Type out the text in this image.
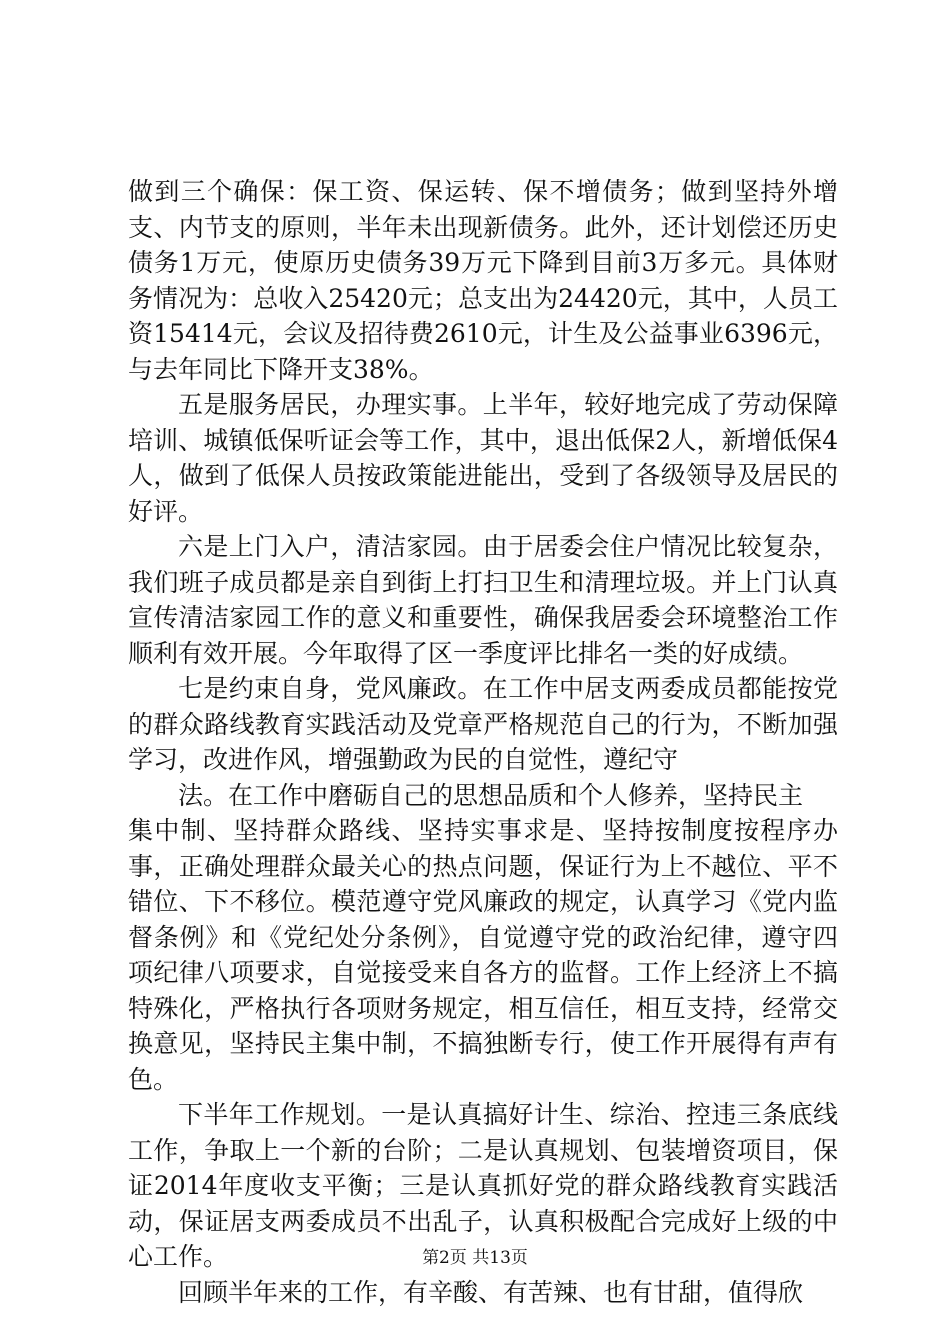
做到三个确保：保工资、保运转、保不增债务；做到坚持外增支、内节支的原则，半年未出现新债务。此外，还计划偿还历史债务1万元，使原历史债务39万元下降到目前3万多元。具体财务情况为：总收入25420元；总支出为24420元，其中，人员工资15414元，会议及招待费2610元，计生及公益事业6396元，与去年同比下降开支38%。

五是服务居民，办理实事。上半年，较好地完成了劳动保障培训、城镇低保听证会等工作，其中，退出低保2人，新增低保4人，做到了低保人员按政策能进能出，受到了各级领导及居民的好评。

六是上门入户，清洁家园。由于居委会住户情况比较复杂，我们班子成员都是亲自到街上打扫卫生和清理垃圾。并上门认真宣传清洁家园工作的意义和重要性，确保我居委会环境整治工作顺利有效开展。今年取得了区一季度评比排名一类的好成绩。

七是约束自身，党风廉政。在工作中居支两委成员都能按党的群众路线教育实践活动及党章严格规范自己的行为，不断加强学习，改进作风，增强勤政为民的自觉性，遵纪守

法。在工作中磨砺自己的思想品质和个人修养，坚持民主

集中制、坚持群众路线、坚持实事求是、坚持按制度按程序办事，正确处理群众最关心的热点问题，保证行为上不越位、平不错位、下不移位。模范遵守党风廉政的规定，认真学习《党内监督条例》和《党纪处分条例》，自觉遵守党的政治纪律，遵守四项纪律八项要求，自觉接受来自各方的监督。工作上经济上不搞特殊化，严格执行各项财务规定，相互信任，相互支持，经常交换意见，坚持民主集中制，不搞独断专行，使工作开展得有声有色。

下半年工作规划。一是认真搞好计生、综治、控违三条底线工作，争取上一个新的台阶；二是认真规划、包装增资项目，保证2014年度收支平衡；三是认真抓好党的群众路线教育实践活动，保证居支两委成员不出乱子，认真积极配合完成好上级的中心工作。

回顾半年来的工作，有辛酸、有苦辣、也有甘甜，值得欣

第2页 共13页
